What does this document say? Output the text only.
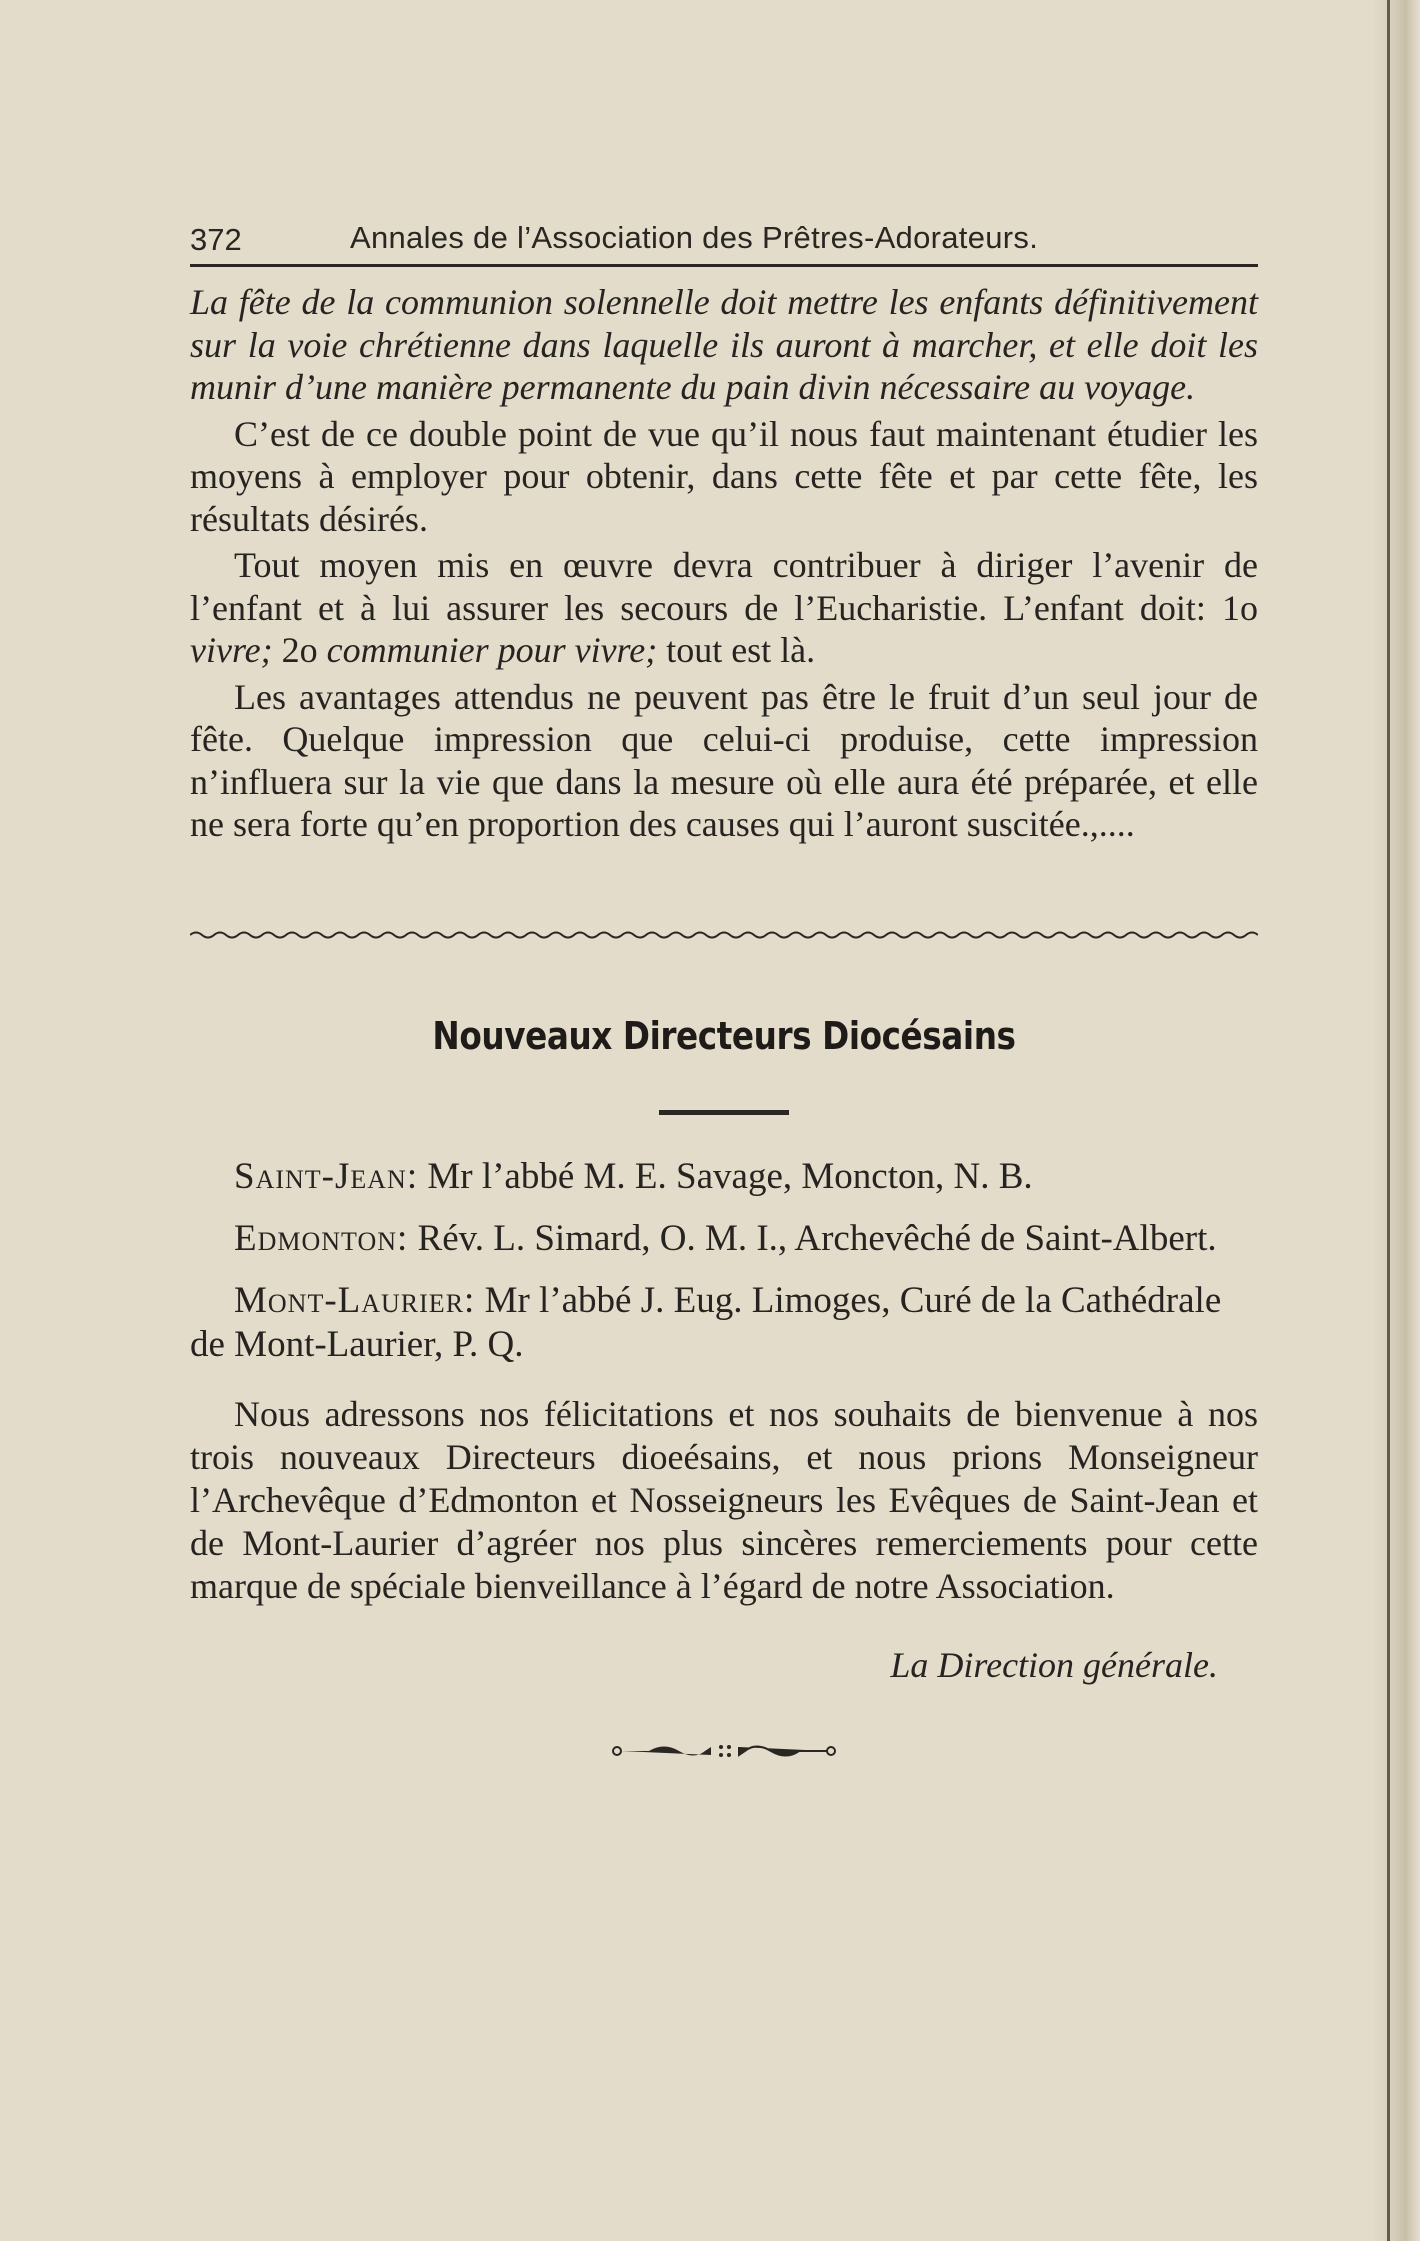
372	Annales de l’Association des Prêtres-Adorateurs.

La fête de la communion solennelle doit mettre les enfants définitivement sur la voie chrétienne dans laquelle ils auront à marcher, et elle doit les munir d’une manière permanente du pain divin nécessaire au voyage.

C’est de ce double point de vue qu’il nous faut maintenant étudier les moyens à employer pour obtenir, dans cette fête et par cette fête, les résultats désirés.

Tout moyen mis en œuvre devra contribuer à diriger l’avenir de l’enfant et à lui assurer les secours de l’Eucharistie. L’enfant doit: 1o vivre; 2o communier pour vivre; tout est là.

Les avantages attendus ne peuvent pas être le fruit d’un seul jour de fête. Quelque impression que celui-ci produise, cette impression n’influera sur la vie que dans la mesure où elle aura été préparée, et elle ne sera forte qu’en proportion des causes qui l’auront suscitée.,....

Nouveaux Directeurs Diocésains

Saint-Jean: Mr l’abbé M. E. Savage, Moncton, N. B.

Edmonton: Rév. L. Simard, O. M. I., Archevêché de Saint-Albert.

Mont-Laurier: Mr l’abbé J. Eug. Limoges, Curé de la Cathédrale de Mont-Laurier, P. Q.

Nous adressons nos félicitations et nos souhaits de bienvenue à nos trois nouveaux Directeurs dioeésains, et nous prions Monseigneur l’Archevêque d’Edmonton et Nosseigneurs les Evêques de Saint-Jean et de Mont-Laurier d’agréer nos plus sincères remerciements pour cette marque de spéciale bienveillance à l’égard de notre Association.

La Direction générale.
